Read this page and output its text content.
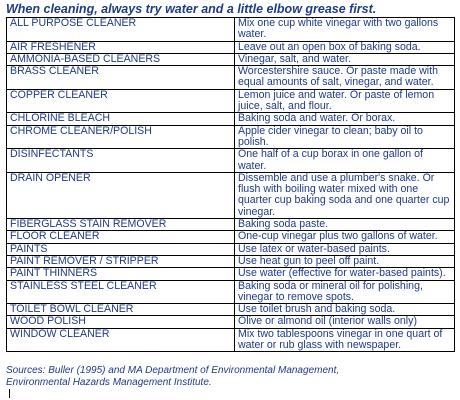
When cleaning, always try water and a little elbow grease first.
ALL PURPOSE CLEANER	Mix one cup white vinegar with two gallons water.
AIR FRESHENER	Leave out an open box of baking soda.
AMMONIA-BASED CLEANERS	Vinegar, salt, and water.
BRASS CLEANER	Worcestershire sauce. Or paste made with equal amounts of salt, vinegar, and water.
COPPER CLEANER	Lemon juice and water. Or paste of lemon juice, salt, and flour.
CHLORINE BLEACH	Baking soda and water. Or borax.
CHROME CLEANER/POLISH	Apple cider vinegar to clean; baby oil to polish.
DISINFECTANTS	One half of a cup borax in one gallon of water.
DRAIN OPENER	Dissemble and use a plumber's snake. Or flush with boiling water mixed with one quarter cup baking soda and one quarter cup vinegar.
FIBERGLASS STAIN REMOVER	Baking soda paste.
FLOOR CLEANER	One-cup vinegar plus two gallons of water.
PAINTS	Use latex or water-based paints.
PAINT REMOVER / STRIPPER	Use heat gun to peel off paint.
PAINT THINNERS	Use water (effective for water-based paints).
STAINLESS STEEL CLEANER	Baking soda or mineral oil for polishing, vinegar to remove spots.
TOILET BOWL CLEANER	Use toilet brush and baking soda.
WOOD POLISH	Olive or almond oil (interior walls only)
WINDOW CLEANER	Mix two tablespoons vinegar in one quart of water or rub glass with newspaper.
Sources: Buller (1995) and MA Department of Environmental Management,
Environmental Hazards Management Institute.
